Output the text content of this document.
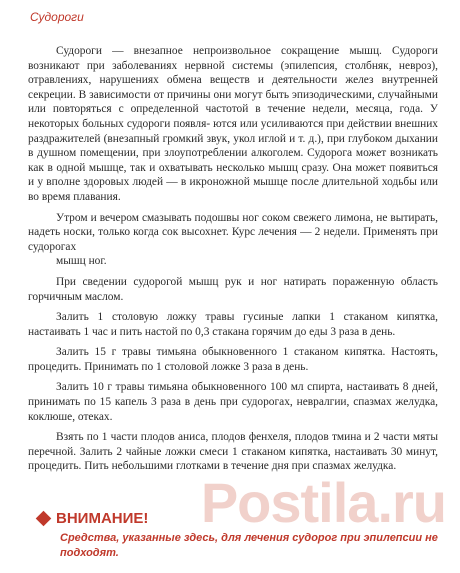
Судороги
Postila.ru

Судороги — внезапное непроизвольное сокращение мышц. Судороги возникают при заболеваниях нервной системы (эпилепсия, столбняк, невроз), отравлениях, нарушениях обмена веществ и деятельности желез внутренней секреции. В зависимости от причины они могут быть эпизодическими, случайными или повторяться с определенной частотой в течение недели, месяца, года. У некоторых больных судороги появля- ются или усиливаются при действии внешних раздражителей (внезапный громкий звук, укол иглой и т. д.), при глубоком дыхании в душном помещении, при злоупотреблении алкоголем. Судорога может возникать как в одной мышце, так и охватывать несколько мышц сразу. Она может появиться и у вполне здоровых людей — в икроножной мышце после длительной ходьбы или во время плавания.

Утром и вечером смазывать подошвы ног соком свежего лимона, не вытирать, надеть носки, только когда сок высохнет. Курс лечения — 2 недели. Применять при судорогах

мышц ног.

При сведении судорогой мышц рук и ног натирать пораженную область горчичным маслом.

Залить 1 столовую ложку травы гусиные лапки 1 стаканом кипятка, настаивать 1 час и пить настой по 0,3 стакана горячим до еды 3 раза в день.

Залить 15 г травы тимьяна обыкновенного 1 стаканом кипятка. Настоять, процедить. Принимать по 1 столовой ложке 3 раза в день.

Залить 10 г травы тимьяна обыкновенного 100 мл спирта, настаивать 8 дней, принимать по 15 капель 3 раза в день при судорогах, невралгии, спазмах желудка, коклюше, отеках.

Взять по 1 части плодов аниса, плодов фенхеля, плодов тмина и 2 части мяты перечной. Залить 2 чайные ложки смеси 1 стаканом кипятка, настаивать 30 минут, процедить. Пить небольшими глотками в течение дня при спазмах желудка.

ВНИМАНИЕ!
Средства, указанные здесь, для лечения судорог при эпилепсии не подходят.
